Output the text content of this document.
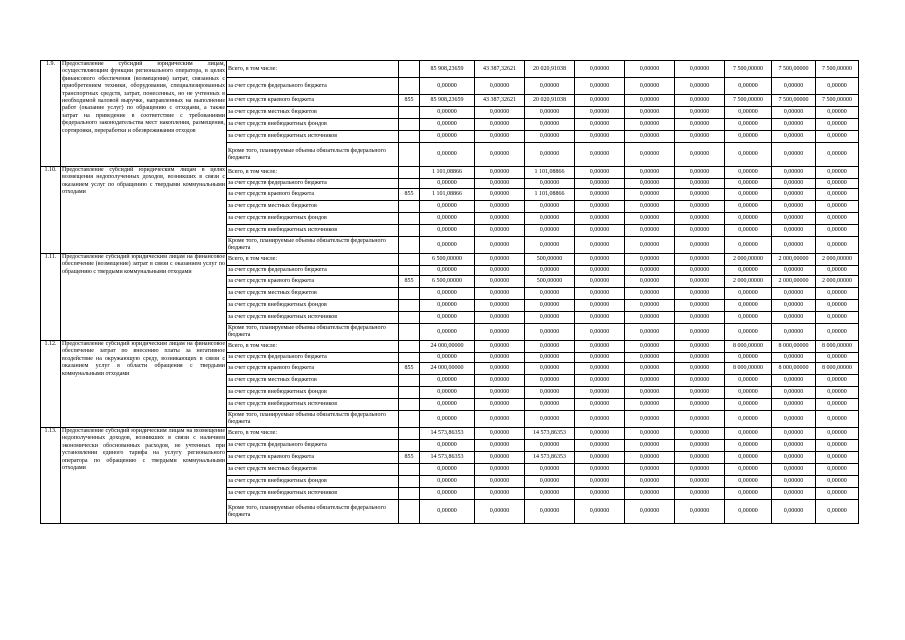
1.9.	Предоставление субсидий юридическим лицам, осуществляющим функции регионального оператора, в целях финансового обеспечения (возмещения) затрат, связанных с приобретением техники, оборудования, специализированных транспортных средств, затрат, понесенных, но не учтенных в необходимой валовой выручке, направленных на выполнение работ (оказание услуг) по обращению с отходами, а также затрат на приведение в соответствие с требованиями федерального законодательства мест накопления, размещения, сортировки, переработки и обезвреживания отходов	Всего, в том числе:		85 908,23659	43 387,32621	20 020,91038	0,00000	0,00000	0,00000	7 500,00000	7 500,00000	7 500,00000
		за счет средств федерального бюджета		0,00000	0,00000	0,00000	0,00000	0,00000	0,00000	0,00000	0,00000	0,00000
		за счет средств краевого бюджета	855	85 908,23659	43 387,32621	20 020,91038	0,00000	0,00000	0,00000	7 500,00000	7 500,00000	7 500,00000
		за счет средств местных бюджетов		0,00000	0,00000	0,00000	0,00000	0,00000	0,00000	0,00000	0,00000	0,00000
		за счет средств внебюджетных фондов		0,00000	0,00000	0,00000	0,00000	0,00000	0,00000	0,00000	0,00000	0,00000
		за счет средств внебюджетных источников		0,00000	0,00000	0,00000	0,00000	0,00000	0,00000	0,00000	0,00000	0,00000
		Кроме того, планируемые объемы обязательств федерального бюджета		0,00000	0,00000	0,00000	0,00000	0,00000	0,00000	0,00000	0,00000	0,00000
1.10.	Предоставление субсидий юридическим лицам в целях возмещения недополученных доходов, возникших в связи с оказанием услуг по обращению с твердыми коммунальными отходами	Всего, в том числе:		1 101,08866	0,00000	1 101,08866	0,00000	0,00000	0,00000	0,00000	0,00000	0,00000
		за счет средств федерального бюджета		0,00000	0,00000	0,00000	0,00000	0,00000	0,00000	0,00000	0,00000	0,00000
		за счет средств краевого бюджета	855	1 101,08866	0,00000	1 101,08866	0,00000	0,00000	0,00000	0,00000	0,00000	0,00000
		за счет средств местных бюджетов		0,00000	0,00000	0,00000	0,00000	0,00000	0,00000	0,00000	0,00000	0,00000
		за счет средств внебюджетных фондов		0,00000	0,00000	0,00000	0,00000	0,00000	0,00000	0,00000	0,00000	0,00000
		за счет средств внебюджетных источников		0,00000	0,00000	0,00000	0,00000	0,00000	0,00000	0,00000	0,00000	0,00000
		Кроме того, планируемые объемы обязательств федерального бюджета		0,00000	0,00000	0,00000	0,00000	0,00000	0,00000	0,00000	0,00000	0,00000
1.11.	Предоставление субсидий юридическим лицам на финансовое обеспечение (возмещение) затрат в связи с оказанием услуг по обращению с твердыми коммунальными отходами	Всего, в том числе:		6 500,00000	0,00000	500,00000	0,00000	0,00000	0,00000	2 000,00000	2 000,00000	2 000,00000
		за счет средств федерального бюджета		0,00000	0,00000	0,00000	0,00000	0,00000	0,00000	0,00000	0,00000	0,00000
		за счет средств краевого бюджета	855	6 500,00000	0,00000	500,00000	0,00000	0,00000	0,00000	2 000,00000	2 000,00000	2 000,00000
		за счет средств местных бюджетов		0,00000	0,00000	0,00000	0,00000	0,00000	0,00000	0,00000	0,00000	0,00000
		за счет средств внебюджетных фондов		0,00000	0,00000	0,00000	0,00000	0,00000	0,00000	0,00000	0,00000	0,00000
		за счет средств внебюджетных источников		0,00000	0,00000	0,00000	0,00000	0,00000	0,00000	0,00000	0,00000	0,00000
		Кроме того, планируемые объемы обязательств федерального бюджета		0,00000	0,00000	0,00000	0,00000	0,00000	0,00000	0,00000	0,00000	0,00000
1.12.	Предоставление субсидий юридическим лицам на финансовое обеспечение затрат по внесению платы за негативное воздействие на окружающую среду, возникающих в связи с оказанием услуг в области обращения с твердыми коммунальными отходами	Всего, в том числе:		24 000,00000	0,00000	0,00000	0,00000	0,00000	0,00000	8 000,00000	8 000,00000	8 000,00000
		за счет средств федерального бюджета		0,00000	0,00000	0,00000	0,00000	0,00000	0,00000	0,00000	0,00000	0,00000
		за счет средств краевого бюджета	855	24 000,00000	0,00000	0,00000	0,00000	0,00000	0,00000	8 000,00000	8 000,00000	8 000,00000
		за счет средств местных бюджетов		0,00000	0,00000	0,00000	0,00000	0,00000	0,00000	0,00000	0,00000	0,00000
		за счет средств внебюджетных фондов		0,00000	0,00000	0,00000	0,00000	0,00000	0,00000	0,00000	0,00000	0,00000
		за счет средств внебюджетных источников		0,00000	0,00000	0,00000	0,00000	0,00000	0,00000	0,00000	0,00000	0,00000
		Кроме того, планируемые объемы обязательств федерального бюджета		0,00000	0,00000	0,00000	0,00000	0,00000	0,00000	0,00000	0,00000	0,00000
1.13.	Предоставление субсидий юридическим лицам на возмещение недополученных доходов, возникших в связи с наличием экономически обоснованных расходов, не учтенных при установлении единого тарифа на услугу регионального оператора по обращению с твердыми коммунальными отходами	Всего, в том числе:		14 573,86353	0,00000	14 573,86353	0,00000	0,00000	0,00000	0,00000	0,00000	0,00000
		за счет средств федерального бюджета		0,00000	0,00000	0,00000	0,00000	0,00000	0,00000	0,00000	0,00000	0,00000
		за счет средств краевого бюджета	855	14 573,86353	0,00000	14 573,86353	0,00000	0,00000	0,00000	0,00000	0,00000	0,00000
		за счет средств местных бюджетов		0,00000	0,00000	0,00000	0,00000	0,00000	0,00000	0,00000	0,00000	0,00000
		за счет средств внебюджетных фондов		0,00000	0,00000	0,00000	0,00000	0,00000	0,00000	0,00000	0,00000	0,00000
		за счет средств внебюджетных источников		0,00000	0,00000	0,00000	0,00000	0,00000	0,00000	0,00000	0,00000	0,00000
		Кроме того, планируемые объемы обязательств федерального бюджета		0,00000	0,00000	0,00000	0,00000	0,00000	0,00000	0,00000	0,00000	0,00000
